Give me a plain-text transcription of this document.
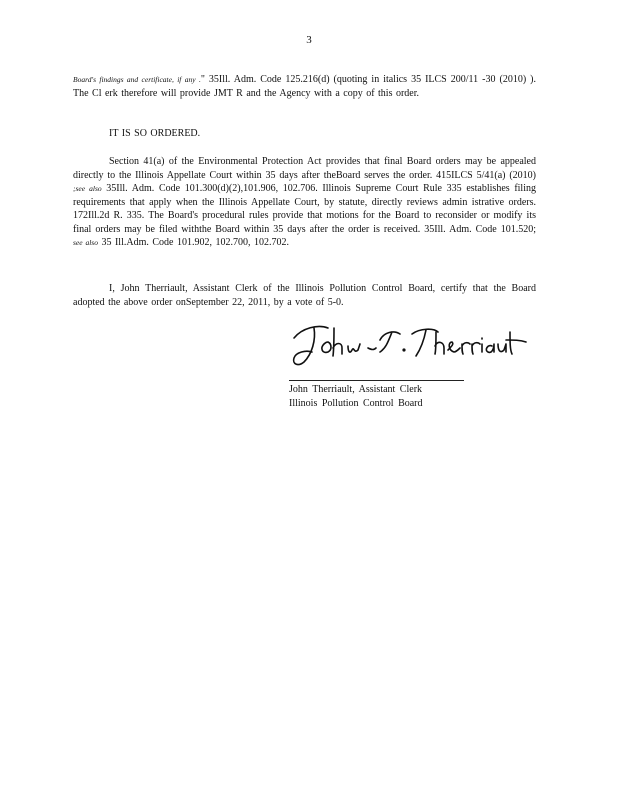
3
Board's findings and certificate, if any ." 35Ill. Adm. Code 125.216(d) (quoting in italics 35 ILCS 200/11 -30 (2010) ). The Cl erk therefore will provide JMT R and the Agency with a copy of this order.
IT IS SO ORDERED.
Section 41(a) of the Environmental Protection Act provides that final Board orders may be appealed directly to the Illinois Appellate Court within 35 days after theBoard serves the order. 415ILCS 5/41(a) (2010) ;see also 35Ill. Adm. Code 101.300(d)(2),101.906, 102.706. Illinois Supreme Court Rule 335 establishes filing requirements that apply when the Illinois Appellate Court, by statute, directly reviews admin istrative orders. 172Ill.2d R. 335. The Board's procedural rules provide that motions for the Board to reconsider or modify its final orders may be filed withthe Board within 35 days after the order is received. 35Ill. Adm. Code 101.520; see also 35 Ill.Adm. Code 101.902, 102.700, 102.702.
I, John Therriault, Assistant Clerk of the Illinois Pollution Control Board, certify that the Board adopted the above order onSeptember 22, 2011, by a vote of 5-0.
John Therriault, Assistant Clerk
Illinois Pollution Control Board
